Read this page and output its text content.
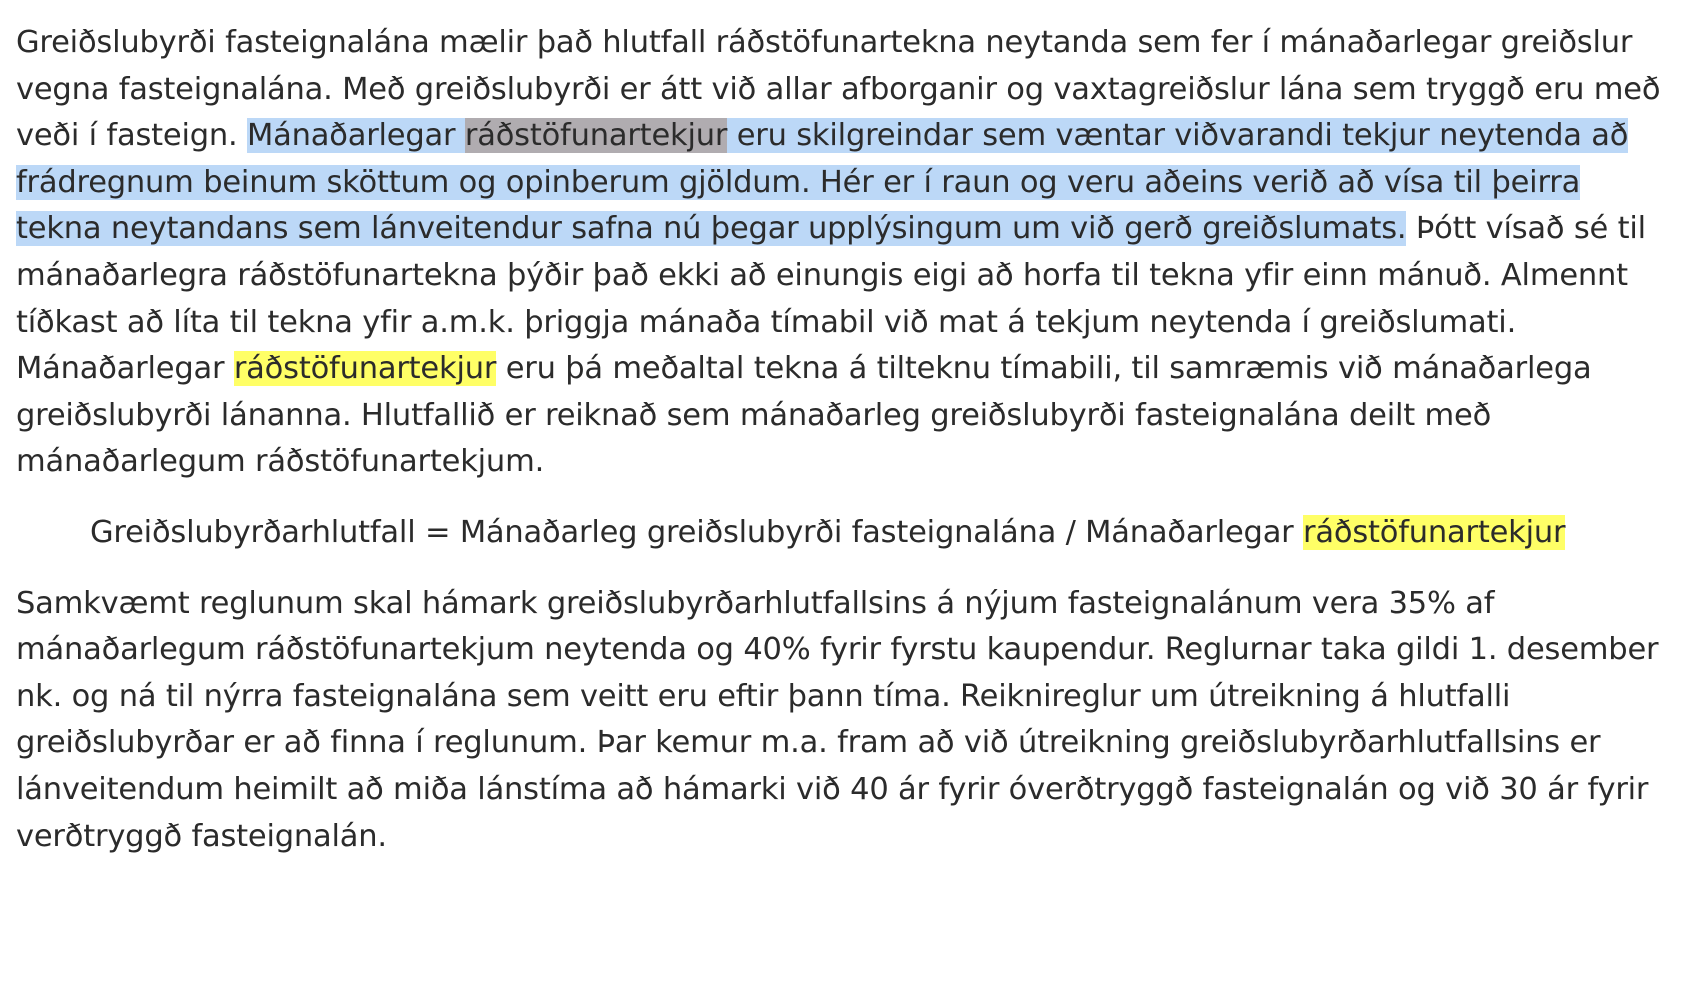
Greiðslubyrði fasteignalána mælir það hlutfall ráðstöfunartekna neytanda sem fer í mánaðarlegar greiðslur vegna fasteignalána. Með greiðslubyrði er átt við allar afborganir og vaxtagreiðslur lána sem tryggð eru með veði í fasteign. Mánaðarlegar ráðstöfunartekjur eru skilgreindar sem væntar viðvarandi tekjur neytenda að frádregnum beinum sköttum og opinberum gjöldum. Hér er í raun og veru aðeins verið að vísa til þeirra tekna neytandans sem lánveitendur safna nú þegar upplýsingum um við gerð greiðslumats. Þótt vísað sé til mánaðarlegra ráðstöfunartekna þýðir það ekki að einungis eigi að horfa til tekna yfir einn mánuð. Almennt tíðkast að líta til tekna yfir a.m.k. þriggja mánaða tímabil við mat á tekjum neytenda í greiðslumati. Mánaðarlegar ráðstöfunartekjur eru þá meðaltal tekna á tilteknu tímabili, til samræmis við mánaðarlega greiðslubyrði lánanna. Hlutfallið er reiknað sem mánaðarleg greiðslubyrði fasteignalána deilt með mánaðarlegum ráðstöfunartekjum.

Greiðslubyrðarhlutfall = Mánaðarleg greiðslubyrði fasteignalána / Mánaðarlegar ráðstöfunartekjur

Samkvæmt reglunum skal hámark greiðslubyrðarhlutfallsins á nýjum fasteignalánum vera 35% af mánaðarlegum ráðstöfunartekjum neytenda og 40% fyrir fyrstu kaupendur. Reglurnar taka gildi 1. desember nk. og ná til nýrra fasteignalána sem veitt eru eftir þann tíma. Reiknireglur um útreikning á hlutfalli greiðslubyrðar er að finna í reglunum. Þar kemur m.a. fram að við útreikning greiðslubyrðarhlutfallsins er lánveitendum heimilt að miða lánstíma að hámarki við 40 ár fyrir óverðtryggð fasteignalán og við 30 ár fyrir verðtryggð fasteignalán.
